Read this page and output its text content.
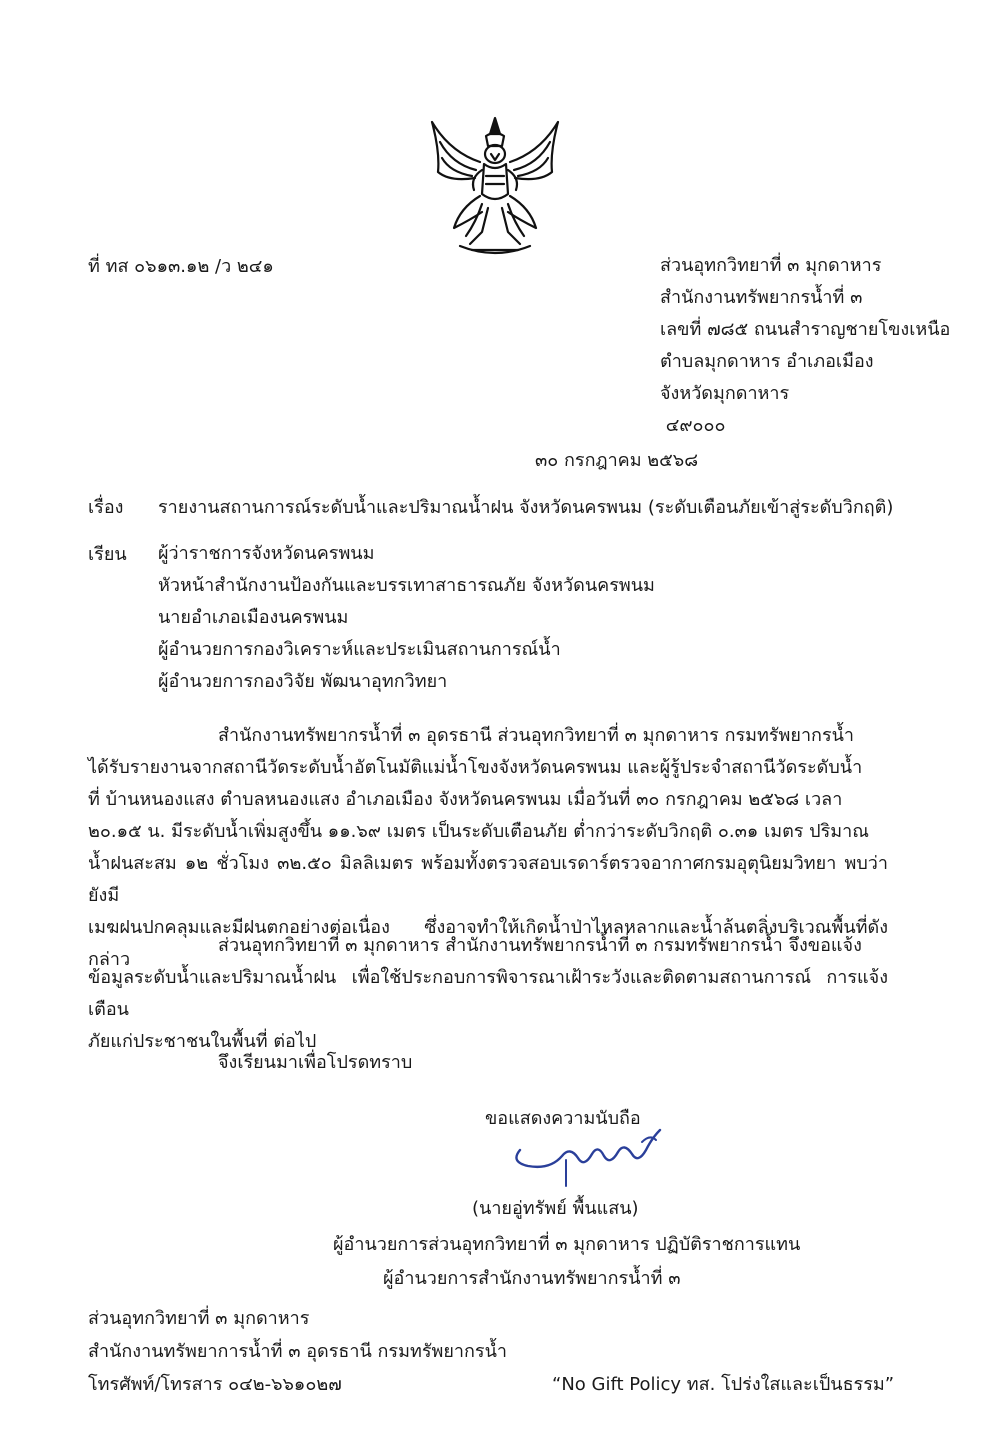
ที่ ทส ๐๖๑๓.๑๒ /ว ๒๔๑	ส่วนอุทกวิทยาที่ ๓ มุกดาหาร
สำนักงานทรัพยากรน้ำที่ ๓
เลขที่ ๗๘๕ ถนนสำราญชายโขงเหนือ
ตำบลมุกดาหาร อำเภอเมือง
จังหวัดมุกดาหาร
๔๙๐๐๐
๓๐ กรกฎาคม ๒๕๖๘
เรื่อง รายงานสถานการณ์ระดับน้ำและปริมาณน้ำฝน จังหวัดนครพนม (ระดับเตือนภัยเข้าสู่ระดับวิกฤติ)
เรียน ผู้ว่าราชการจังหวัดนครพนม
หัวหน้าสำนักงานป้องกันและบรรเทาสาธารณภัย จังหวัดนครพนม
นายอำเภอเมืองนครพนม
ผู้อำนวยการกองวิเคราะห์และประเมินสถานการณ์น้ำ
ผู้อำนวยการกองวิจัย พัฒนาอุทกวิทยา
สำนักงานทรัพยากรน้ำที่ ๓ อุดรธานี ส่วนอุทกวิทยาที่ ๓ มุกดาหาร กรมทรัพยากรน้ำ
ได้รับรายงานจากสถานีวัดระดับน้ำอัตโนมัติแม่น้ำโขงจังหวัดนครพนม และผู้รู้ประจำสถานีวัดระดับน้ำ
ที่ บ้านหนองแสง ตำบลหนองแสง อำเภอเมือง จังหวัดนครพนม เมื่อวันที่ ๓๐ กรกฎาคม ๒๕๖๘ เวลา
๒๐.๑๕ น. มีระดับน้ำเพิ่มสูงขึ้น ๑๑.๖๙ เมตร เป็นระดับเตือนภัย ต่ำกว่าระดับวิกฤติ ๐.๓๑ เมตร ปริมาณ
น้ำฝนสะสม ๑๒ ชั่วโมง ๓๒.๕๐ มิลลิเมตร พร้อมทั้งตรวจสอบเรดาร์ตรวจอากาศกรมอุตุนิยมวิทยา พบว่ายังมี
เมฆฝนปกคลุมและมีฝนตกอย่างต่อเนื่อง ซึ่งอาจทำให้เกิดน้ำป่าไหลหลากและน้ำล้นตลิ่งบริเวณพื้นที่ดังกล่าว
ส่วนอุทกวิทยาที่ ๓ มุกดาหาร สำนักงานทรัพยากรน้ำที่ ๓ กรมทรัพยากรน้ำ จึงขอแจ้ง
ข้อมูลระดับน้ำและปริมาณน้ำฝน เพื่อใช้ประกอบการพิจารณาเฝ้าระวังและติดตามสถานการณ์ การแจ้งเตือน
ภัยแก่ประชาชนในพื้นที่ ต่อไป
จึงเรียนมาเพื่อโปรดทราบ
ขอแสดงความนับถือ
(นายอู่ทรัพย์ พื้นแสน)
ผู้อำนวยการส่วนอุทกวิทยาที่ ๓ มุกดาหาร ปฏิบัติราชการแทน
ผู้อำนวยการสำนักงานทรัพยากรน้ำที่ ๓
ส่วนอุทกวิทยาที่ ๓ มุกดาหาร
สำนักงานทรัพยาการน้ำที่ ๓ อุดรธานี กรมทรัพยากรน้ำ
โทรศัพท์/โทรสาร ๐๔๒-๖๖๑๐๒๗	“No Gift Policy ทส. โปร่งใสและเป็นธรรม”
